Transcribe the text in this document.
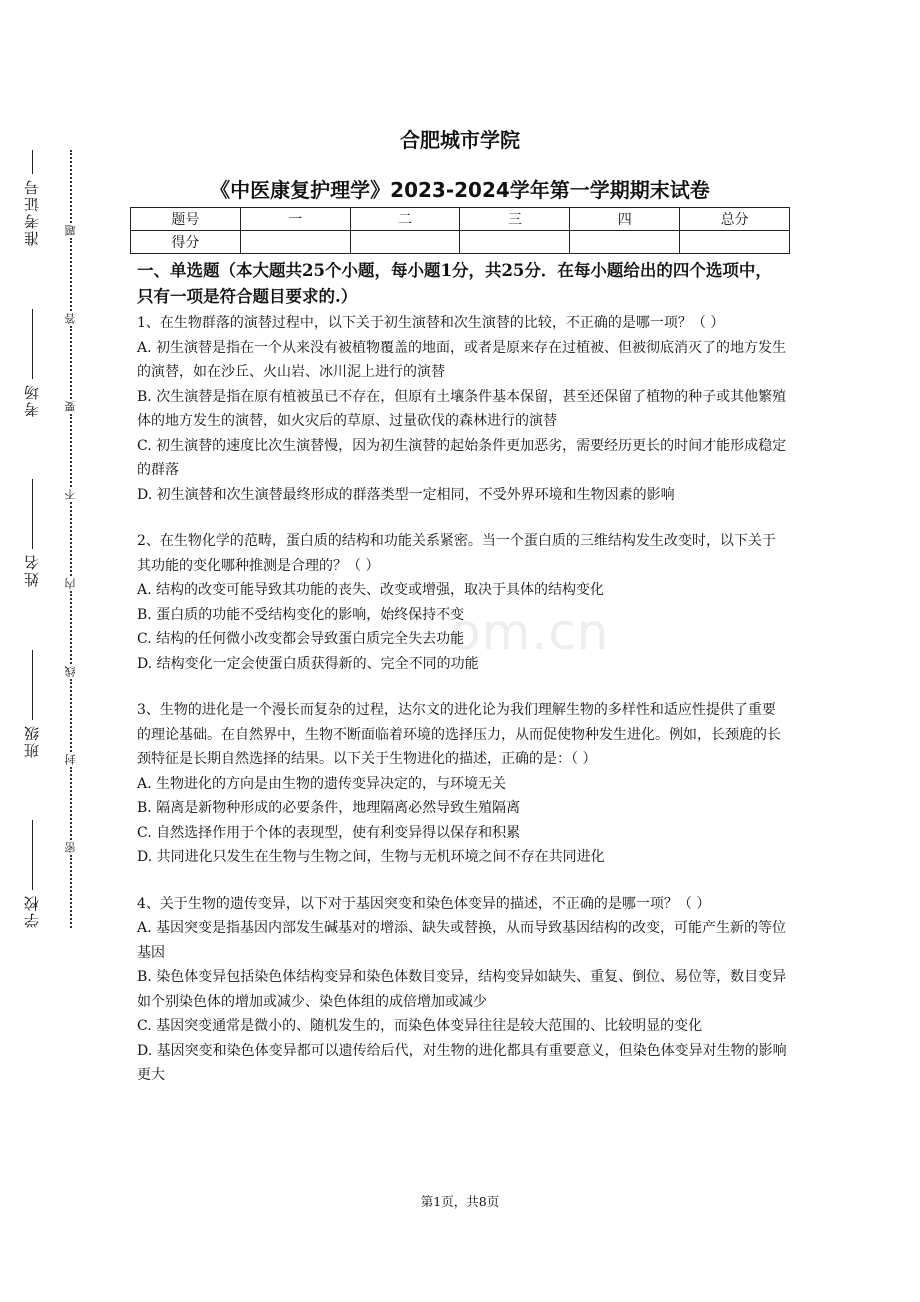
准考证号
考场
姓名
班级
学校
题
答
要
不
内
线
封
密
合肥城市学院
《中医康复护理学》2023-2024学年第一学期期末试卷
题号	一	二	三	四	总分
得分					
om.cn

一、单选题（本大题共25个小题，每小题1分，共25分．在每小题给出的四个选项中，只有一项是符合题目要求的.）

1、在生物群落的演替过程中，以下关于初生演替和次生演替的比较，不正确的是哪一项？（ ）

A. 初生演替是指在一个从来没有被植物覆盖的地面，或者是原来存在过植被、但被彻底消灭了的地方发生的演替，如在沙丘、火山岩、冰川泥上进行的演替

B. 次生演替是指在原有植被虽已不存在，但原有土壤条件基本保留，甚至还保留了植物的种子或其他繁殖体的地方发生的演替，如火灾后的草原、过量砍伐的森林进行的演替

C. 初生演替的速度比次生演替慢，因为初生演替的起始条件更加恶劣，需要经历更长的时间才能形成稳定的群落

D. 初生演替和次生演替最终形成的群落类型一定相同，不受外界环境和生物因素的影响

2、在生物化学的范畴，蛋白质的结构和功能关系紧密。当一个蛋白质的三维结构发生改变时，以下关于其功能的变化哪种推测是合理的？（ ）

A. 结构的改变可能导致其功能的丧失、改变或增强，取决于具体的结构变化

B. 蛋白质的功能不受结构变化的影响，始终保持不变

C. 结构的任何微小改变都会导致蛋白质完全失去功能

D. 结构变化一定会使蛋白质获得新的、完全不同的功能

3、生物的进化是一个漫长而复杂的过程，达尔文的进化论为我们理解生物的多样性和适应性提供了重要的理论基础。在自然界中，生物不断面临着环境的选择压力，从而促使物种发生进化。例如，长颈鹿的长颈特征是长期自然选择的结果。以下关于生物进化的描述，正确的是：（ ）

A. 生物进化的方向是由生物的遗传变异决定的，与环境无关

B. 隔离是新物种形成的必要条件，地理隔离必然导致生殖隔离

C. 自然选择作用于个体的表现型，使有利变异得以保存和积累

D. 共同进化只发生在生物与生物之间，生物与无机环境之间不存在共同进化

4、关于生物的遗传变异，以下对于基因突变和染色体变异的描述，不正确的是哪一项？（ ）

A. 基因突变是指基因内部发生碱基对的增添、缺失或替换，从而导致基因结构的改变，可能产生新的等位基因

B. 染色体变异包括染色体结构变异和染色体数目变异，结构变异如缺失、重复、倒位、易位等，数目变异如个别染色体的增加或减少、染色体组的成倍增加或减少

C. 基因突变通常是微小的、随机发生的，而染色体变异往往是较大范围的、比较明显的变化

D. 基因突变和染色体变异都可以遗传给后代，对生物的进化都具有重要意义，但染色体变异对生物的影响更大

第1页，共8页
